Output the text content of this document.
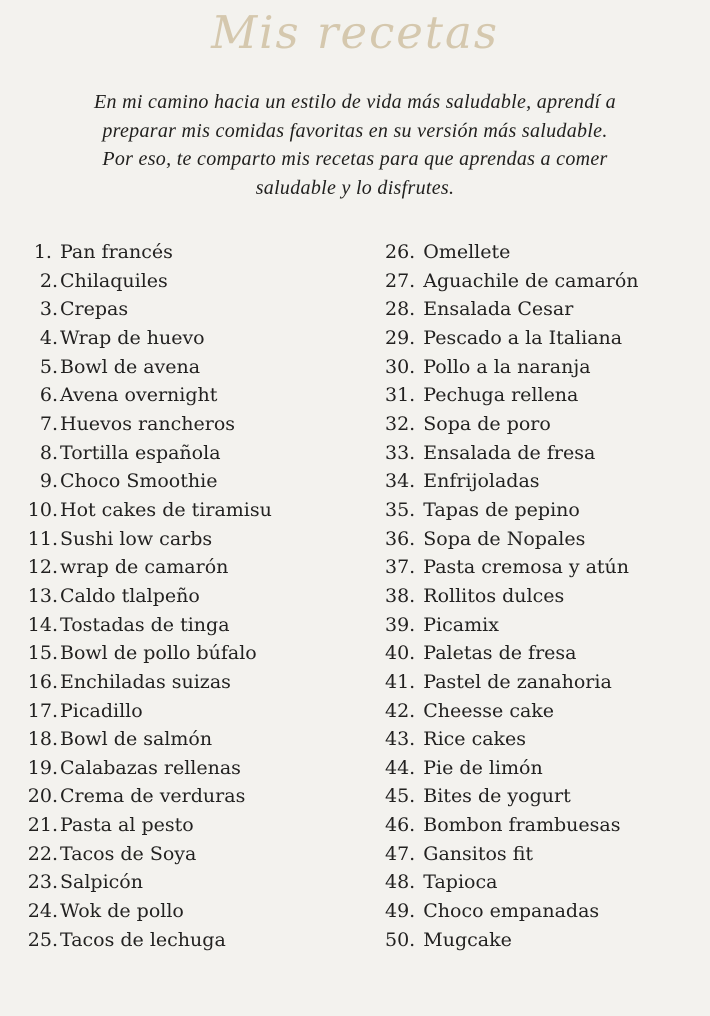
Mis recetas
En mi camino hacia un estilo de vida más saludable, aprendí a
preparar mis comidas favoritas en su versión más saludable.
Por eso, te comparto mis recetas para que aprendas a comer
saludable y lo disfrutes.
1. Pan francés
2. Chilaquiles
3. Crepas
4. Wrap de huevo
5. Bowl de avena
6. Avena overnight
7. Huevos rancheros
8. Tortilla española
9. Choco Smoothie
10. Hot cakes de tiramisu
11. Sushi low carbs
12. wrap de camarón
13. Caldo tlalpeño
14. Tostadas de tinga
15. Bowl de pollo búfalo
16. Enchiladas suizas
17. Picadillo
18. Bowl de salmón
19. Calabazas rellenas
20. Crema de verduras
21. Pasta al pesto
22. Tacos de Soya
23. Salpicón
24. Wok de pollo
25. Tacos de lechuga
26. Omellete
27. Aguachile de camarón
28. Ensalada Cesar
29. Pescado a la Italiana
30. Pollo a la naranja
31. Pechuga rellena
32. Sopa de poro
33. Ensalada de fresa
34. Enfrijoladas
35. Tapas de pepino
36. Sopa de Nopales
37. Pasta cremosa y atún
38. Rollitos dulces
39. Picamix
40. Paletas de fresa
41. Pastel de zanahoria
42. Cheesse cake
43. Rice cakes
44. Pie de limón
45. Bites de yogurt
46. Bombon frambuesas
47. Gansitos fit
48. Tapioca
49. Choco empanadas
50. Mugcake
